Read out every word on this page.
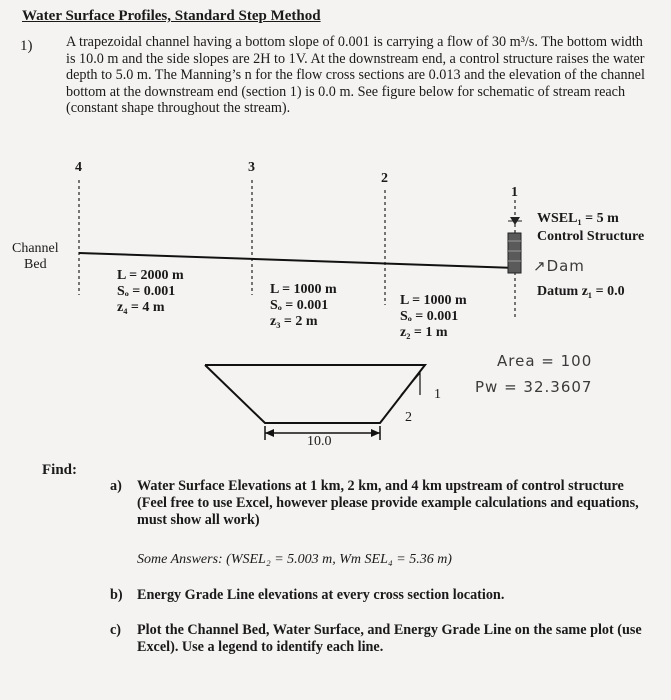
Water Surface Profiles, Standard Step Method
1) A trapezoidal channel having a bottom slope of 0.001 is carrying a flow of 30 m³/s. The bottom width is 10.0 m and the side slopes are 2H to 1V. At the downstream end, a control structure raises the water depth to 5.0 m. The Manning’s n for the flow cross sections are 0.013 and the elevation of the channel bottom at the downstream end (section 1) is 0.0 m. See figure below for schematic of stream reach (constant shape throughout the stream).
4	3
2
1
Channel
Bed
L = 2000 m
Sₒ = 0.001
z₄ = 4 m
L = 1000 m
Sₒ = 0.001
z₃ = 2 m
L = 1000 m
Sₒ = 0.001
z₂ = 1 m
WSEL₁ = 5 m
Control Structure
↗Dam
Datum z₁ = 0.0
Area = 100
Pw = 32.3607
1
2
10.0
Find:
a) Water Surface Elevations at 1 km, 2 km, and 4 km upstream of control structure (Feel free to use Excel, however please provide example calculations and equations, must show all work)
Some Answers: (WSEL₂ = 5.003 m, Wm SEL₄ = 5.36 m)
b) Energy Grade Line elevations at every cross section location.
c) Plot the Channel Bed, Water Surface, and Energy Grade Line on the same plot (use Excel). Use a legend to identify each line.
